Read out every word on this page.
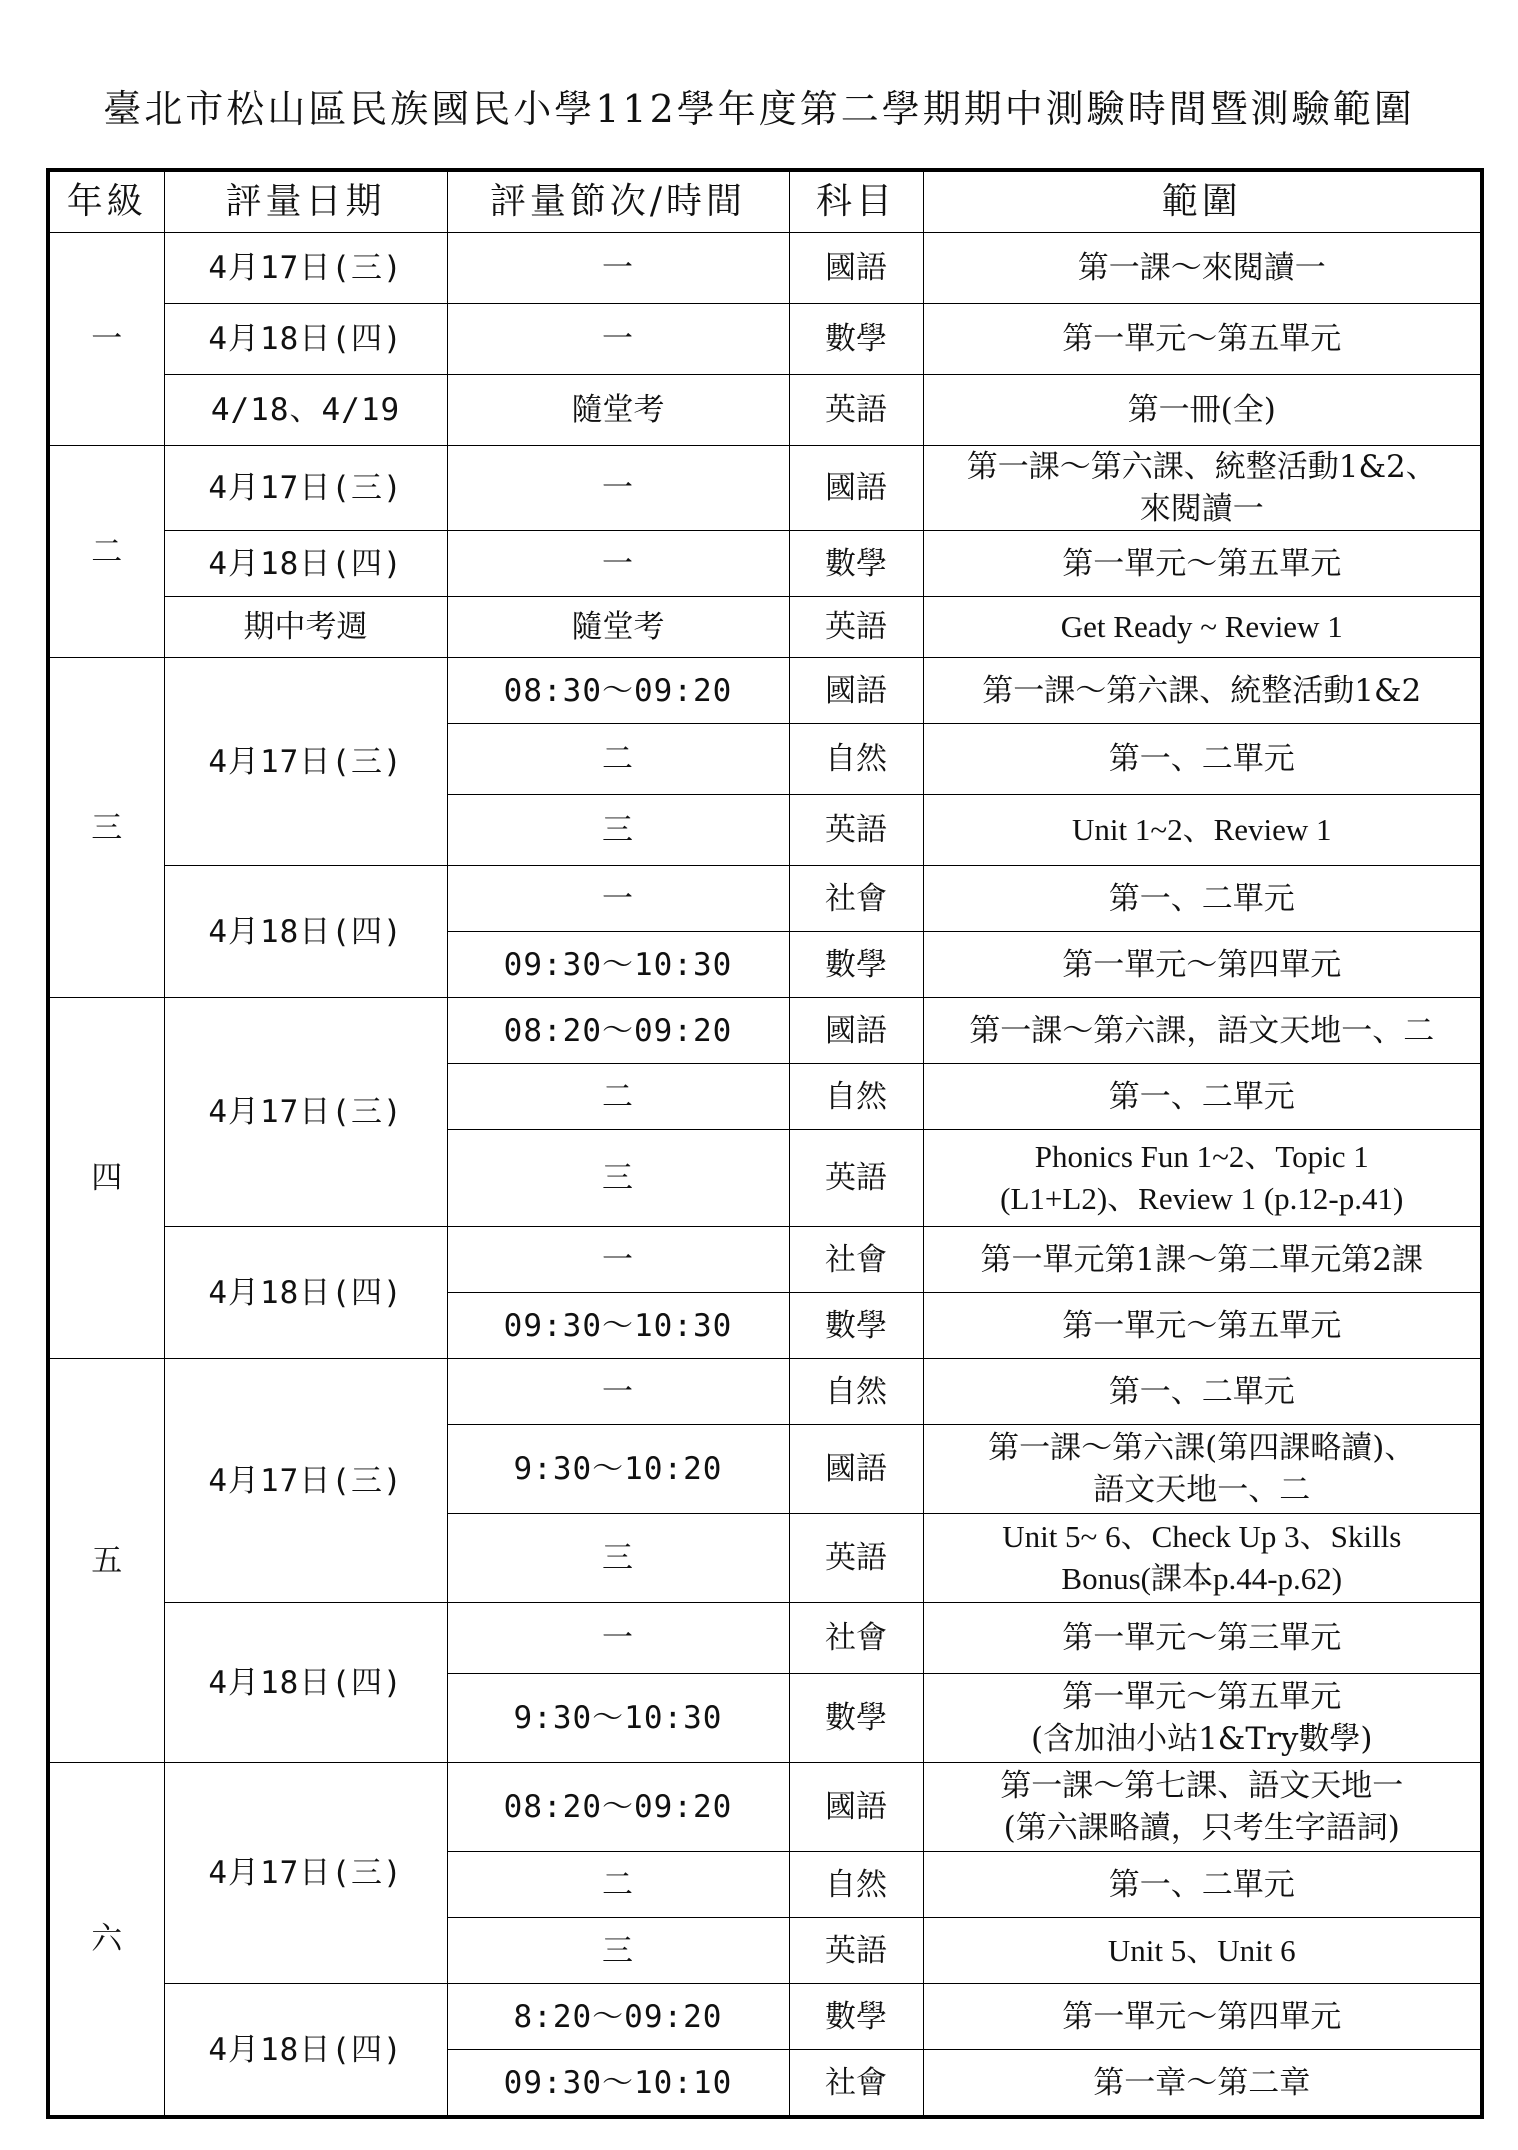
臺北市松山區民族國民小學112學年度第二學期期中測驗時間暨測驗範圍
年級	評量日期	評量節次/時間	科目	範圍
一	4月17日(三)	一	國語	第一課～來閱讀一
	4月18日(四)	一	數學	第一單元～第五單元
	4/18、4/19	隨堂考	英語	第一冊(全)
二	4月17日(三)	一	國語	第一課～第六課、統整活動1&2、
來閱讀一

	4月18日(四)	一	數學	第一單元～第五單元
	期中考週	隨堂考	英語	Get Ready ~ Review 1
三	4月17日(三)	08:30～09:20	國語	第一課～第六課、統整活動1&2
		二	自然	第一、二單元
		三	英語	Unit 1~2、Review 1
	4月18日(四)	一	社會	第一、二單元
		09:30～10:30	數學	第一單元～第四單元
四	4月17日(三)	08:20～09:20	國語	第一課～第六課，語文天地一、二
		二	自然	第一、二單元
		三	英語	Phonics Fun 1~2、Topic 1
(L1+L2)、Review 1 (p.12-p.41)

	4月18日(四)	一	社會	第一單元第1課～第二單元第2課
		09:30～10:30	數學	第一單元～第五單元
五	4月17日(三)	一	自然	第一、二單元
		9:30～10:20	國語	第一課～第六課(第四課略讀)、
語文天地一、二

		三	英語	Unit 5~ 6、Check Up 3、Skills
Bonus(課本p.44-p.62)

	4月18日(四)	一	社會	第一單元～第三單元
		9:30～10:30	數學	第一單元～第五單元
(含加油小站1&Try數學)

六	4月17日(三)	08:20～09:20	國語	第一課～第七課、語文天地一
(第六課略讀，只考生字語詞)

		二	自然	第一、二單元
		三	英語	Unit 5、Unit 6
	4月18日(四)	8:20～09:20	數學	第一單元～第四單元
		09:30～10:10	社會	第一章～第二章
